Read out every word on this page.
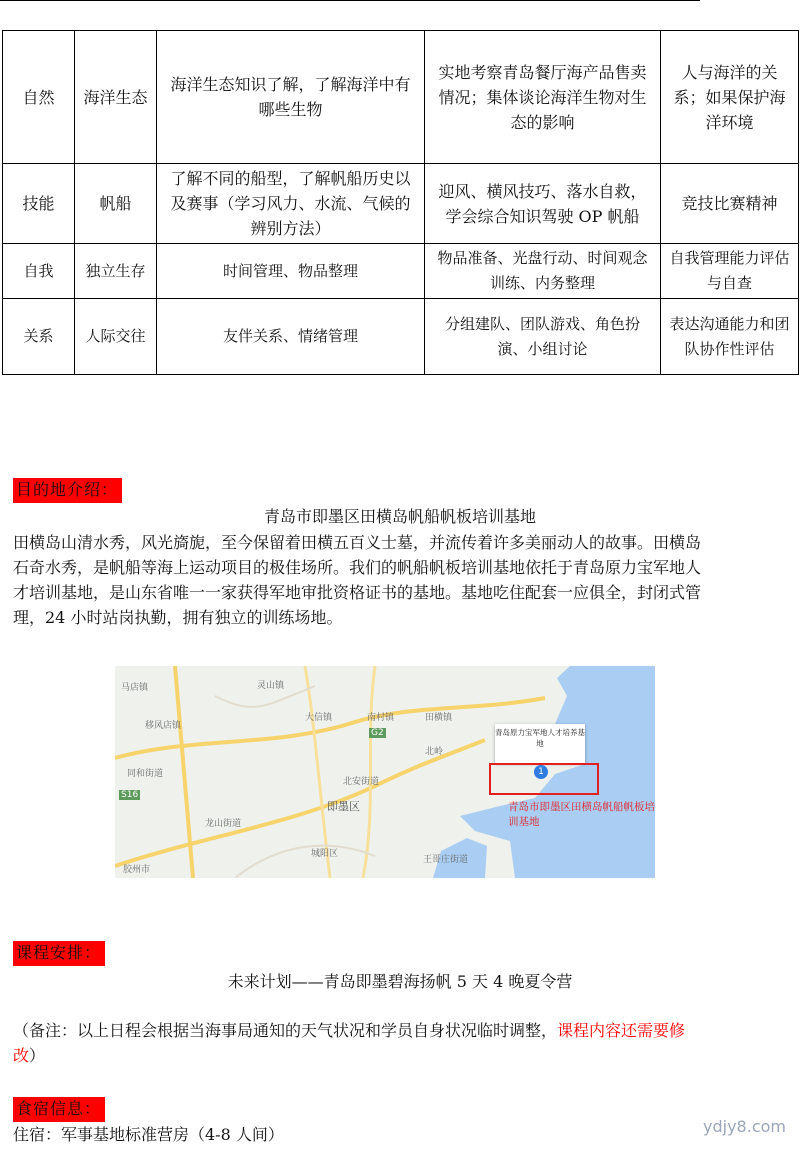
自然	海洋生态	海洋生态知识了解，了解海洋中有哪些生物	实地考察青岛餐厅海产品售卖情况；集体谈论海洋生物对生态的影响	人与海洋的关系；如果保护海洋环境
技能	帆船	了解不同的船型，了解帆船历史以及赛事（学习风力、水流、气候的辨别方法）	迎风、横风技巧、落水自救，学会综合知识驾驶 OP 帆船	竞技比赛精神
自我	独立生存	时间管理、物品整理	物品准备、光盘行动、时间观念训练、内务整理	自我管理能力评估与自查
关系	人际交往	友伴关系、情绪管理	分组建队、团队游戏、角色扮演、小组讨论	表达沟通能力和团队协作性评估
目的地介绍：
青岛市即墨区田横岛帆船帆板培训基地
田横岛山清水秀，风光旖旎，至今保留着田横五百义士墓，并流传着许多美丽动人的故事。田横岛石奇水秀，是帆船等海上运动项目的极佳场所。我们的帆船帆板培训基地依托于青岛原力宝军地人才培训基地，是山东省唯一一家获得军地审批资格证书的基地。基地吃住配套一应俱全，封闭式管理，24 小时站岗执勤，拥有独立的训练场地。
马店镇	灵山镇
移风店镇
大信镇	南村镇	田横镇
北安街道
即墨区
同和街道
龙山街道
城阳区
胶州市
王哥庄街道
北岭
S16
G2	青岛原力宝军地人才培养基地
1
青岛市即墨区田横岛帆船帆板培训基地
课程安排：
未来计划——青岛即墨碧海扬帆 5 天 4 晚夏令营
（备注：以上日程会根据当海事局通知的天气状况和学员自身状况临时调整，课程内容还需要修改）
食宿信息：
住宿：军事基地标准营房（4-8 人间）	ydjy8.com
